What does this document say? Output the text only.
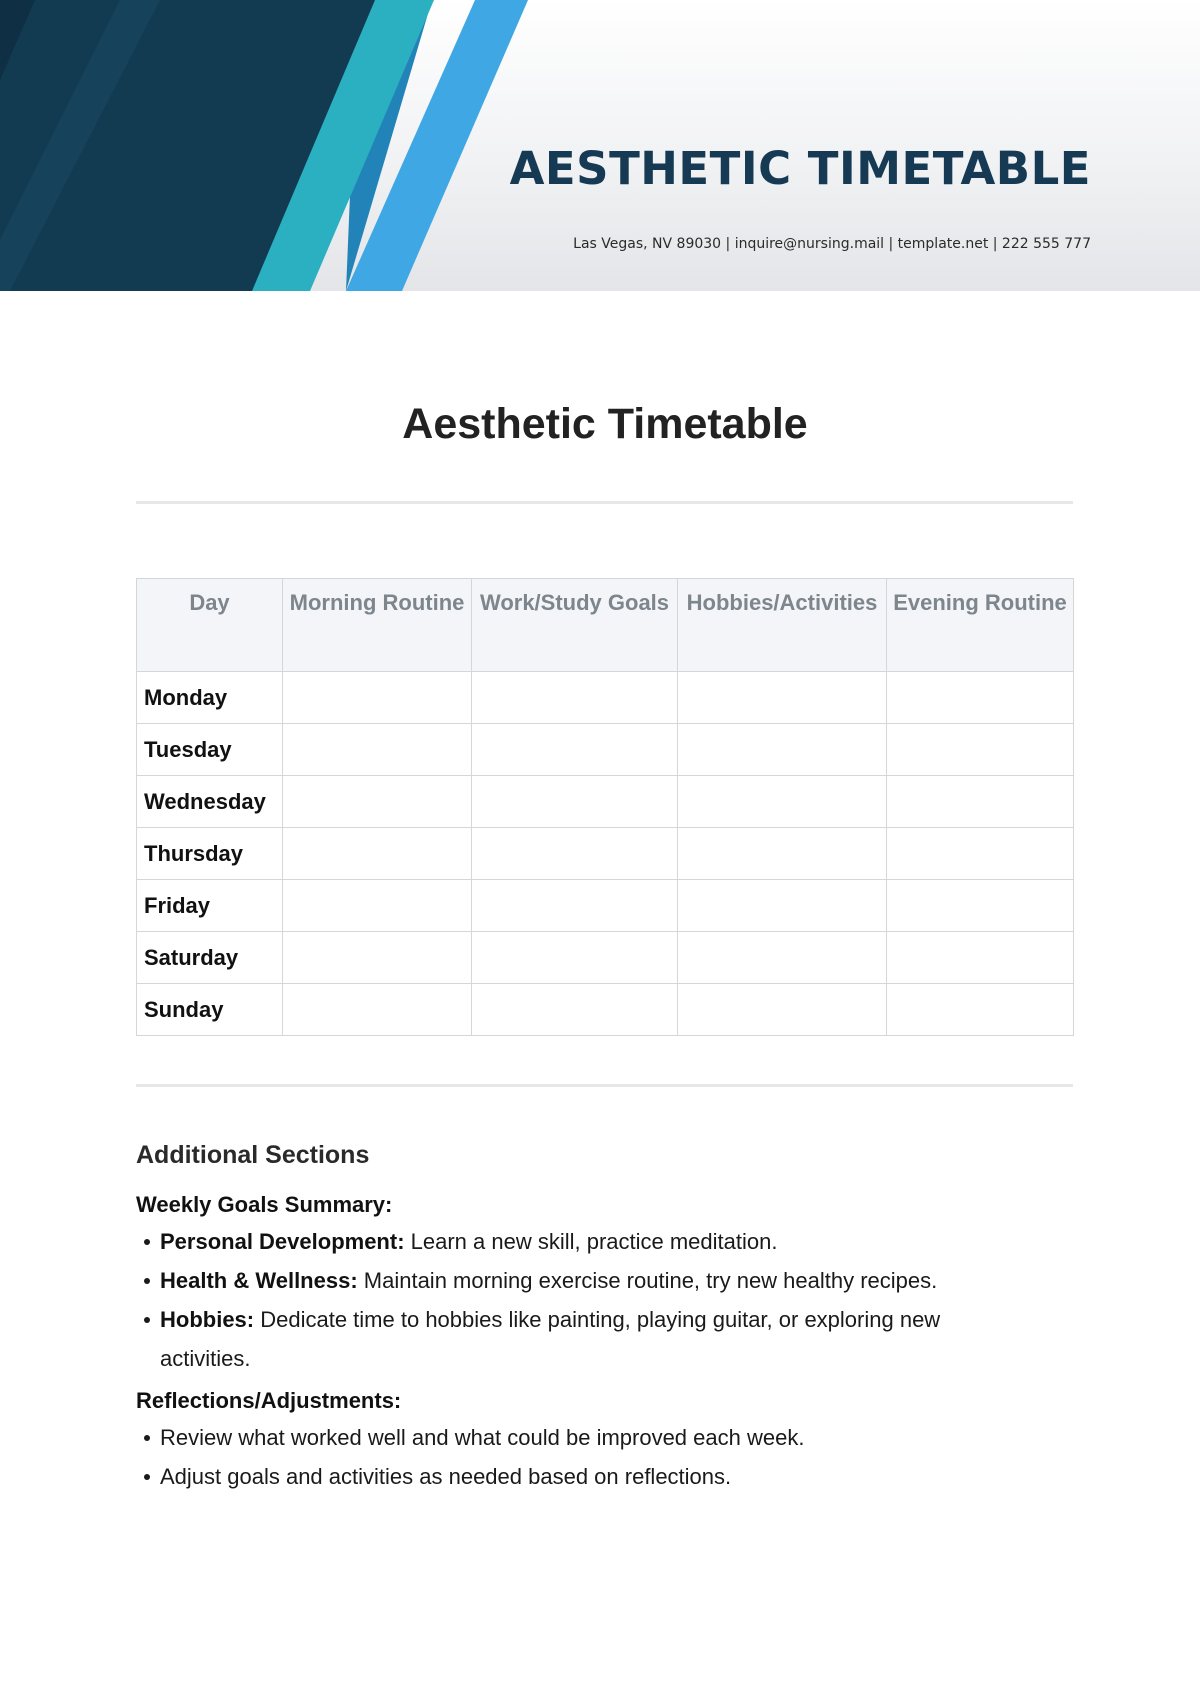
AESTHETIC TIMETABLE

Las Vegas, NV 89030 | inquire@nursing.mail | template.net | 222 555 777

Aesthetic Timetable
Day	Morning Routine	Work/Study Goals	Hobbies/Activities	Evening Routine
Monday				
Tuesday				
Wednesday				
Thursday				
Friday				
Saturday				
Sunday				
Additional Sections
Weekly Goals Summary:
Personal Development: Learn a new skill, practice meditation.
Health & Wellness: Maintain morning exercise routine, try new healthy recipes.
Hobbies: Dedicate time to hobbies like painting, playing guitar, or exploring new activities.
Reflections/Adjustments:
Review what worked well and what could be improved each week.
Adjust goals and activities as needed based on reflections.
